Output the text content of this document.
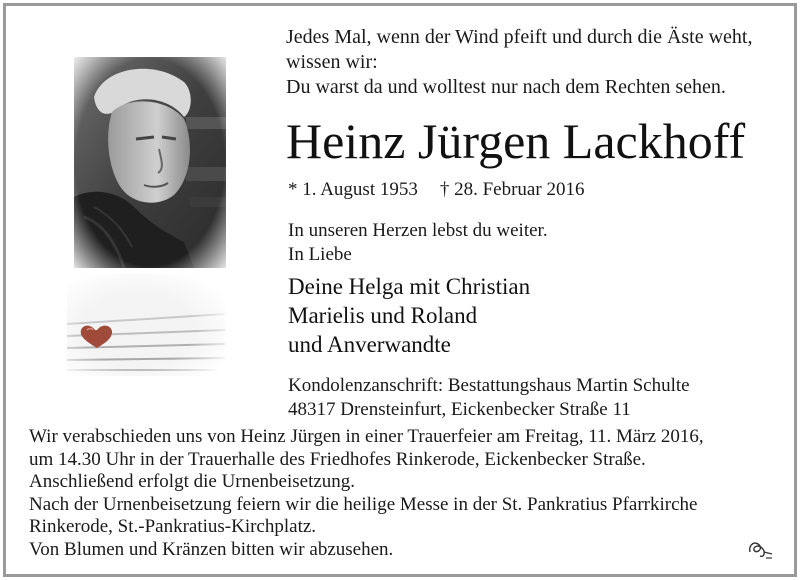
Jedes Mal, wenn der Wind pfeift und durch die Äste weht,
wissen wir:
Du warst da und wolltest nur nach dem Rechten sehen.
Heinz Jürgen Lackhoff
* 1. August 1953 † 28. Februar 2016
In unseren Herzen lebst du weiter.
In Liebe
Deine Helga mit Christian
Marielis und Roland
und Anverwandte
Kondolenzanschrift: Bestattungshaus Martin Schulte
48317 Drensteinfurt, Eickenbecker Straße 11
Wir verabschieden uns von Heinz Jürgen in einer Trauerfeier am Freitag, 11. März 2016,
um 14.30 Uhr in der Trauerhalle des Friedhofes Rinkerode, Eickenbecker Straße.
Anschließend erfolgt die Urnenbeisetzung.
Nach der Urnenbeisetzung feiern wir die heilige Messe in der St. Pankratius Pfarrkirche
Rinkerode, St.-Pankratius-Kirchplatz.
Von Blumen und Kränzen bitten wir abzusehen.
